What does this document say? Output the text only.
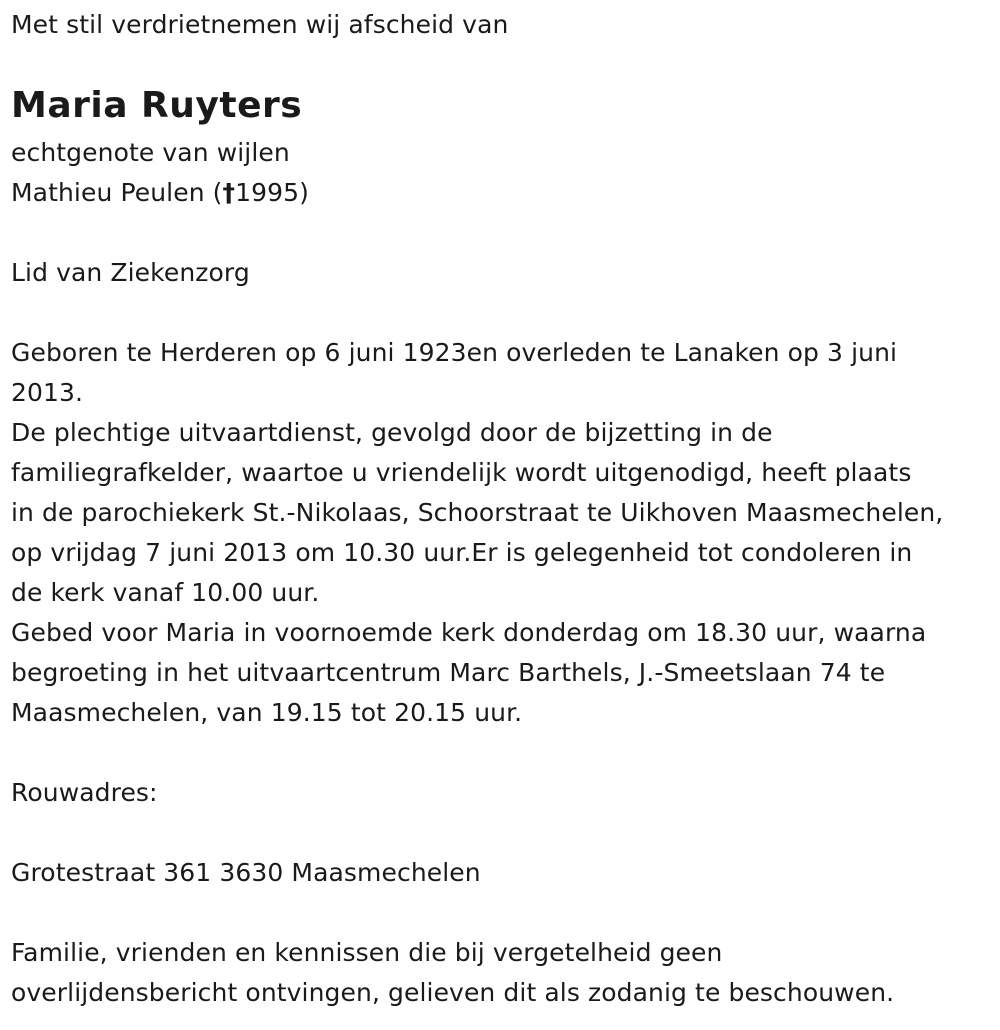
Met stil verdrietnemen wij afscheid van

Maria Ruyters

echtgenote van wijlen

Mathieu Peulen (†1995)

Lid van Ziekenzorg

Geboren te Herderen op 6 juni 1923en overleden te Lanaken op 3 juni

2013.

De plechtige uitvaartdienst, gevolgd door de bijzetting in de

familiegrafkelder, waartoe u vriendelijk wordt uitgenodigd, heeft plaats

in de parochiekerk St.-Nikolaas, Schoorstraat te Uikhoven Maasmechelen,

op vrijdag 7 juni 2013 om 10.30 uur.Er is gelegenheid tot condoleren in

de kerk vanaf 10.00 uur.

Gebed voor Maria in voornoemde kerk donderdag om 18.30 uur, waarna

begroeting in het uitvaartcentrum Marc Barthels, J.-Smeetslaan 74 te

Maasmechelen, van 19.15 tot 20.15 uur.

Rouwadres:

Grotestraat 361 3630 Maasmechelen

Familie, vrienden en kennissen die bij vergetelheid geen

overlijdensbericht ontvingen, gelieven dit als zodanig te beschouwen.
